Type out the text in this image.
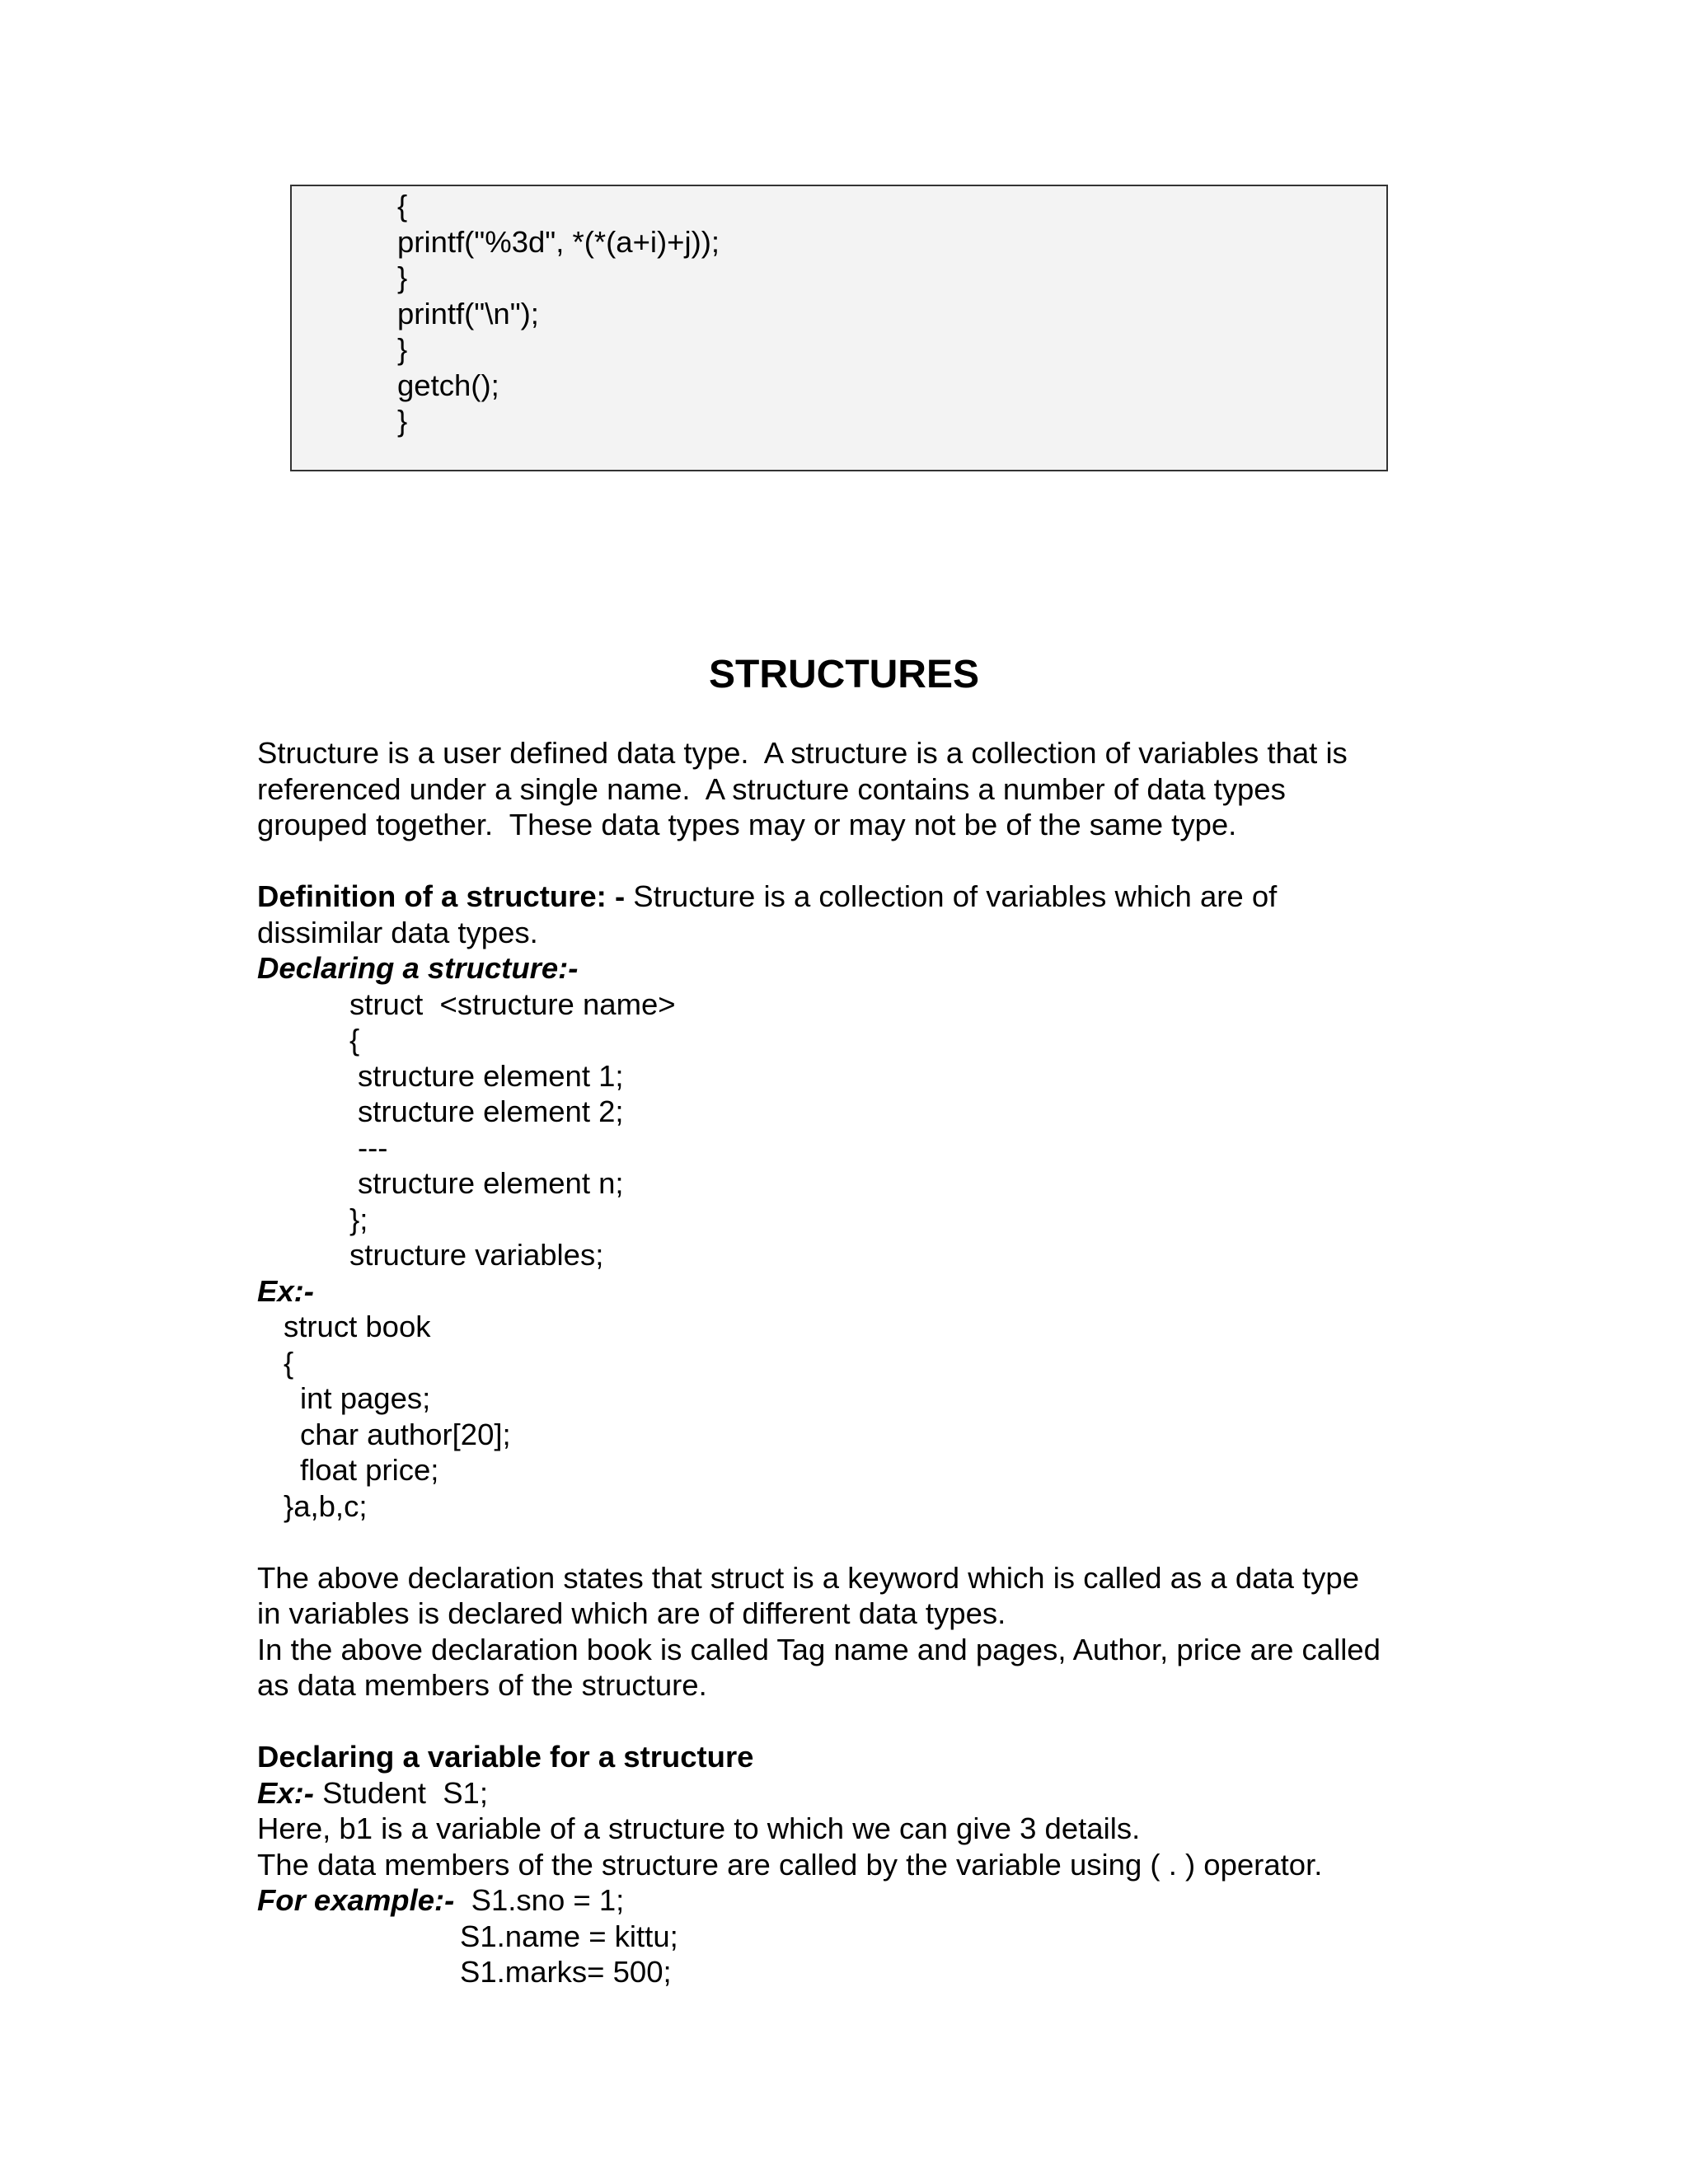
{
printf("%3d", *(*(a+i)+j));
}
printf("\n");
}
getch();
}
STRUCTURES
Structure is a user defined data type.  A structure is a collection of variables that is
referenced under a single name.  A structure contains a number of data types
grouped together.  These data types may or may not be of the same type.
Definition of a structure: - Structure is a collection of variables which are of
dissimilar data types.
Declaring a structure:-
struct  <structure name>
{
structure element 1;
structure element 2;
---
structure element n;
};
structure variables;
Ex:-
struct book
{
int pages;
char author[20];
float price;
}a,b,c;
The above declaration states that struct is a keyword which is called as a data type
in variables is declared which are of different data types.
In the above declaration book is called Tag name and pages, Author, price are called
as data members of the structure.
Declaring a variable for a structure
Ex:- Student  S1;
Here, b1 is a variable of a structure to which we can give 3 details.
The data members of the structure are called by the variable using ( . ) operator.
For example:-  S1.sno = 1;
S1.name = kittu;
S1.marks= 500;
